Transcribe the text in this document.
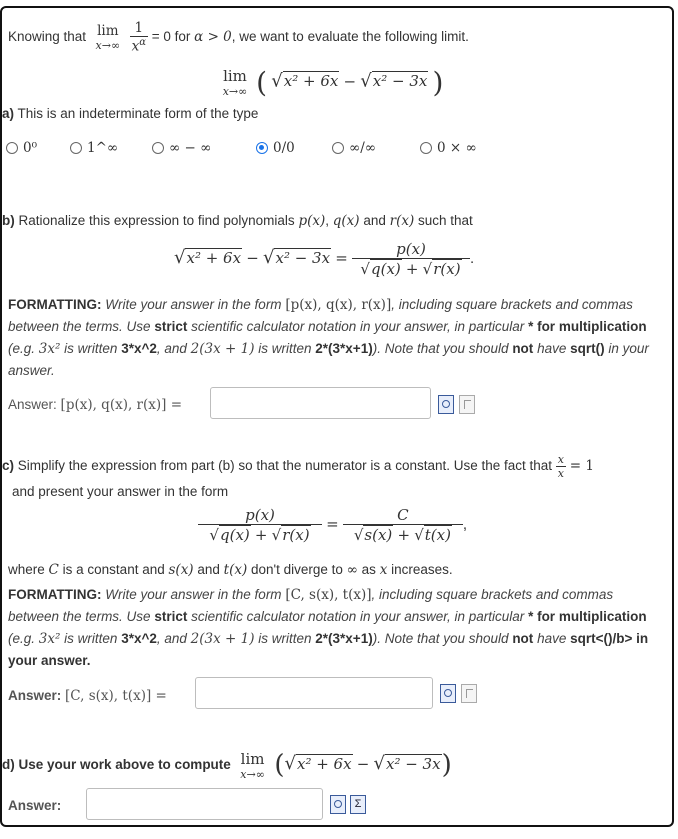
Knowing that lim
x→∞
$\frac{1}{x^\alpha} = 0$ for α > 0, we want to evaluate the following limit.
lim
x→∞ ( √x² + 6x − √x² − 3x )
a) This is an indeterminate form of the type
0⁰	1^∞	∞ − ∞	0/0	∞/∞	0 × ∞
b) Rationalize this expression to find polynomials p(x), q(x) and r(x) such that
$√x^2 + 6x - √x^2 - 3x = \frac{p(x)}{√q(x) + √r(x)}$ .
FORMATTING: Write your answer in the form [p(x), q(x), r(x)], including square brackets and commas between the terms. Use strict scientific calculator notation in your answer, in particular * for multiplication (e.g. 3x² is written 3*x^2, and 2(3x + 1) is written 2*(3*x+1)). Note that you should not have sqrt() in your answer.
Answer: [p(x), q(x), r(x)] =
c) Simplify the expression from part (b) so that the numerator is a constant. Use the fact that $\frac{x}{x} = 1$
and present your answer in the form
$\frac{p(x)}{√q(x) + √r(x)} = \frac{C}{√s(x) + √t(x)}$ ,
where C is a constant and s(x) and t(x) don't diverge to ∞ as x increases.
FORMATTING: Write your answer in the form [C, s(x), t(x)], including square brackets and commas between the terms. Use strict scientific calculator notation in your answer, in particular * for multiplication (e.g. 3x² is written 3*x^2, and 2(3x + 1) is written 2*(3*x+1)). Note that you should not have sqrt<()/b> in your answer.
Answer: [C, s(x), t(x)] =
d) Use your work above to compute lim
x→∞ (√x² + 6x − √x² − 3x)
Answer:	Σ
